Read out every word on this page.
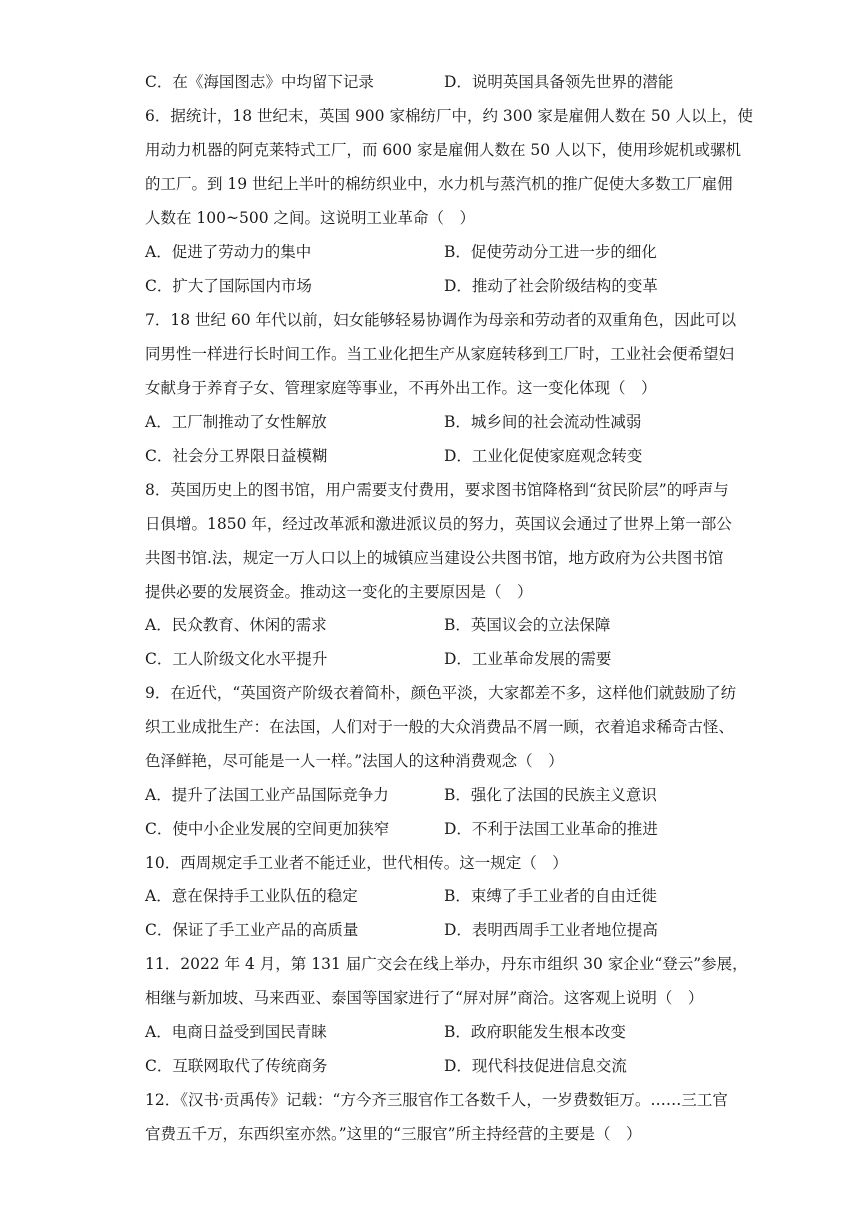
C．在《海国图志》中均留下记录	D．说明英国具备领先世界的潜能
6．据统计，18 世纪末，英国 900 家棉纺厂中，约 300 家是雇佣人数在 50 人以上，使
用动力机器的阿克莱特式工厂，而 600 家是雇佣人数在 50 人以下，使用珍妮机或骡机
的工厂。到 19 世纪上半叶的棉纺织业中，水力机与蒸汽机的推广促使大多数工厂雇佣
人数在 100~500 之间。这说明工业革命（　）
A．促进了劳动力的集中	B．促使劳动分工进一步的细化
C．扩大了国际国内市场	D．推动了社会阶级结构的变革
7．18 世纪 60 年代以前，妇女能够轻易协调作为母亲和劳动者的双重角色，因此可以
同男性一样进行长时间工作。当工业化把生产从家庭转移到工厂时，工业社会便希望妇
女献身于养育子女、管理家庭等事业，不再外出工作。这一变化体现（　）
A．工厂制推动了女性解放	B．城乡间的社会流动性减弱
C．社会分工界限日益模糊	D．工业化促使家庭观念转变
8．英国历史上的图书馆，用户需要支付费用，要求图书馆降格到“贫民阶层”的呼声与
日俱增。1850 年，经过改革派和激进派议员的努力，英国议会通过了世界上第一部公
共图书馆.法，规定一万人口以上的城镇应当建设公共图书馆，地方政府为公共图书馆
提供必要的发展资金。推动这一变化的主要原因是（　）
A．民众教育、休闲的需求	B．英国议会的立法保障
C．工人阶级文化水平提升	D．工业革命发展的需要
9．在近代，“英国资产阶级衣着简朴，颜色平淡，大家都差不多，这样他们就鼓励了纺
织工业成批生产：在法国，人们对于一般的大众消费品不屑一顾，衣着追求稀奇古怪、
色泽鲜艳，尽可能是一人一样。”法国人的这种消费观念（　）
A．提升了法国工业产品国际竞争力	B．强化了法国的民族主义意识
C．使中小企业发展的空间更加狭窄	D．不利于法国工业革命的推进
10．西周规定手工业者不能迁业，世代相传。这一规定（　）
A．意在保持手工业队伍的稳定	B．束缚了手工业者的自由迁徙
C．保证了手工业产品的高质量	D．表明西周手工业者地位提高
11．2022 年 4 月，第 131 届广交会在线上举办，丹东市组织 30 家企业“登云”参展，
相继与新加坡、马来西亚、泰国等国家进行了“屏对屏”商洽。这客观上说明（　）
A．电商日益受到国民青睐	B．政府职能发生根本改变
C．互联网取代了传统商务	D．现代科技促进信息交流
12．《汉书·贡禹传》记载：“方今齐三服官作工各数千人，一岁费数钜万。……三工官
官费五千万，东西织室亦然。”这里的“三服官”所主持经营的主要是（　）
